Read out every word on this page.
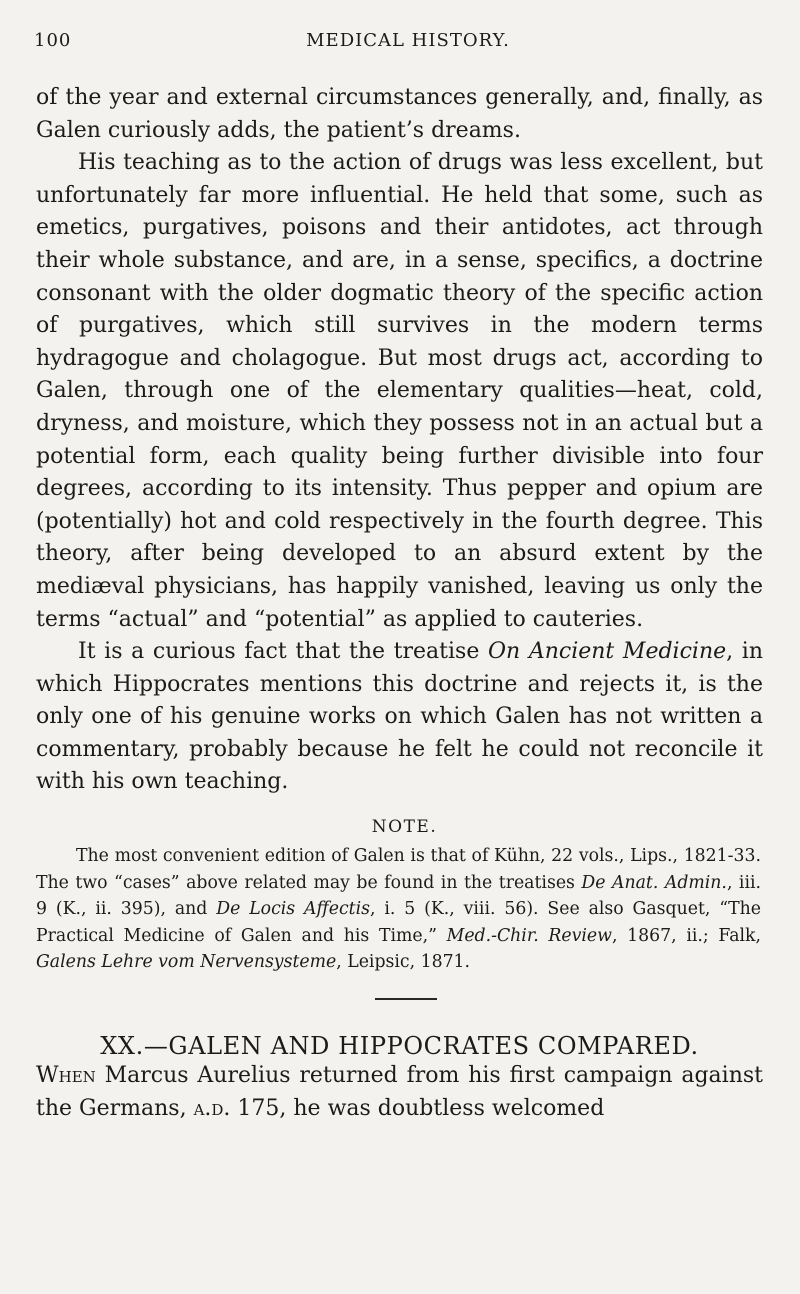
100	MEDICAL HISTORY.

of the year and external circumstances generally, and, finally, as Galen curiously adds, the patient’s dreams.

His teaching as to the action of drugs was less excellent, but unfortunately far more influential. He held that some, such as emetics, purgatives, poisons and their antidotes, act through their whole substance, and are, in a sense, specifics, a doctrine consonant with the older dogmatic theory of the specific action of purgatives, which still survives in the modern terms hydragogue and cholagogue. But most drugs act, according to Galen, through one of the elementary qualities—heat, cold, dryness, and moisture, which they possess not in an actual but a potential form, each quality being further divisible into four degrees, according to its intensity. Thus pepper and opium are (potentially) hot and cold respectively in the fourth degree. This theory, after being developed to an absurd extent by the mediæval physicians, has happily vanished, leaving us only the terms “actual” and “potential” as applied to cauteries.

It is a curious fact that the treatise On Ancient Medicine, in which Hippocrates mentions this doctrine and rejects it, is the only one of his genuine works on which Galen has not written a commentary, probably because he felt he could not reconcile it with his own teaching.

NOTE.

The most convenient edition of Galen is that of Kühn, 22 vols., Lips., 1821-33. The two “cases” above related may be found in the treatises De Anat. Admin., iii. 9 (K., ii. 395), and De Locis Affectis, i. 5 (K., viii. 56). See also Gasquet, “The Practical Medicine of Galen and his Time,” Med.-Chir. Review, 1867, ii.; Falk, Galens Lehre vom Nervensysteme, Leipsic, 1871.

XX.—GALEN AND HIPPOCRATES COMPARED.

When Marcus Aurelius returned from his first campaign against the Germans, a.d. 175, he was doubtless welcomed
